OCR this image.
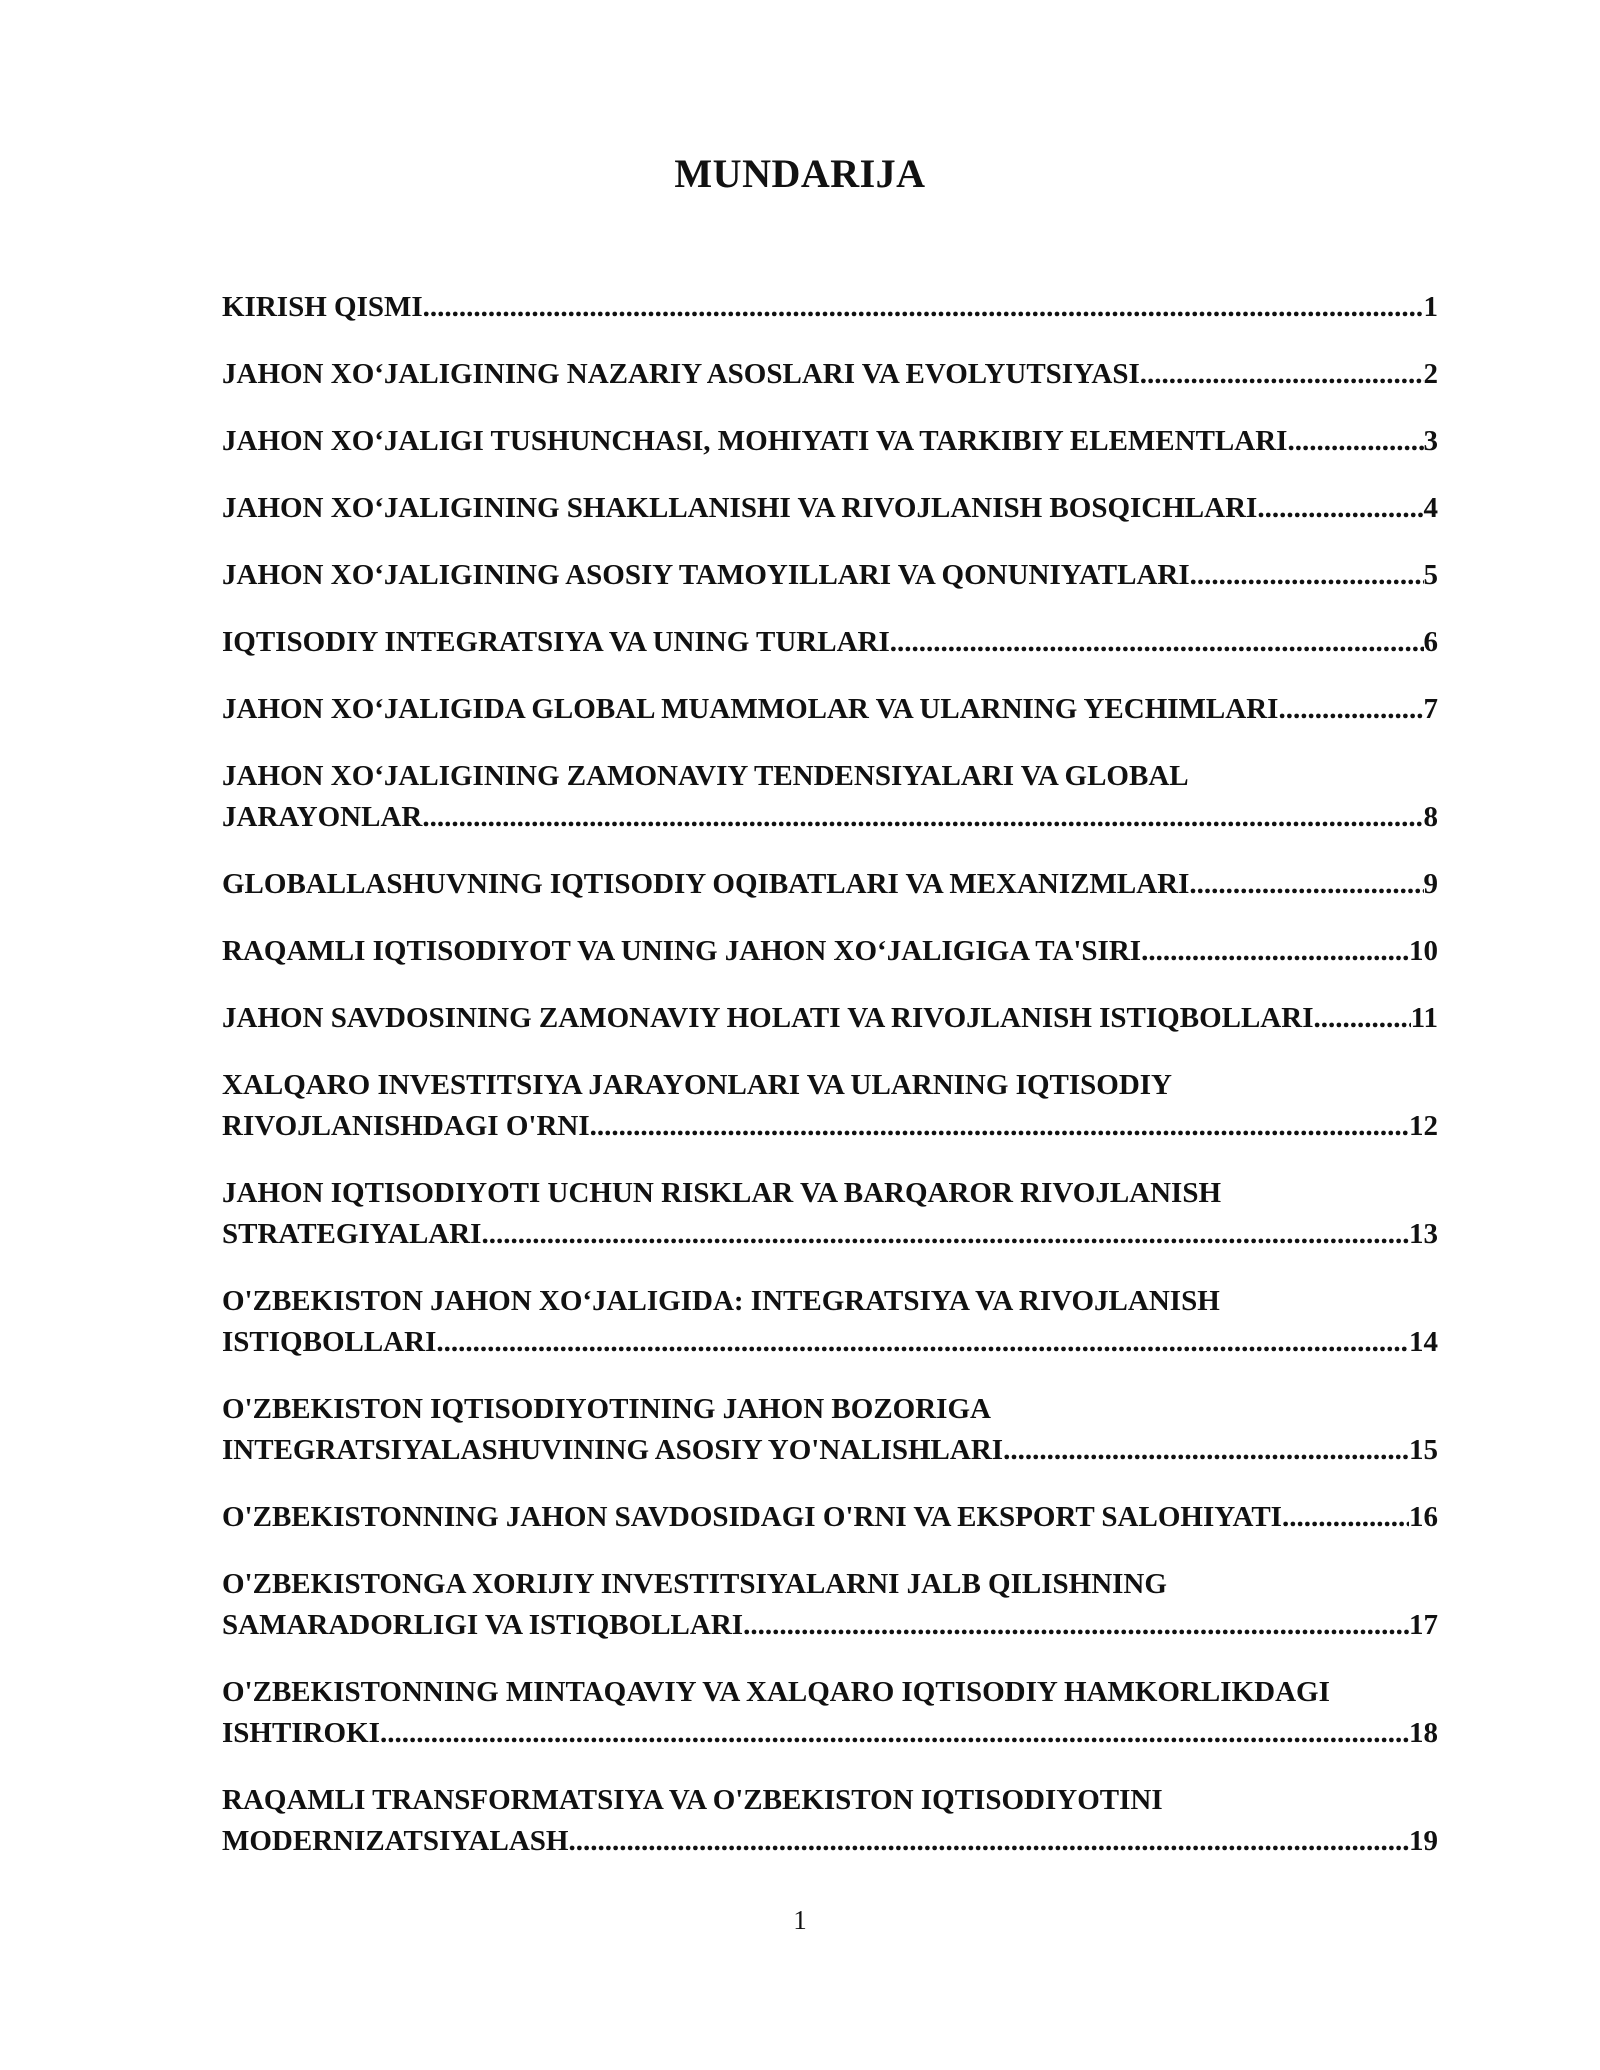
MUNDARIJA
KIRISH QISMI .....	1
JAHON XO‘JALIGINING NAZARIY ASOSLARI VA EVOLYUTSIYASI .....	2
JAHON XO‘JALIGI TUSHUNCHASI, MOHIYATI VA TARKIBIY ELEMENTLARI .....	3
JAHON XO‘JALIGINING SHAKLLANISHI VA RIVOJLANISH BOSQICHLARI .....	4
JAHON XO‘JALIGINING ASOSIY TAMOYILLARI VA QONUNIYATLARI .....	5
IQTISODIY INTEGRATSIYA VA UNING TURLARI .....	6
JAHON XO‘JALIGIDA GLOBAL MUAMMOLAR VA ULARNING YECHIMLARI .....	7
JAHON XO‘JALIGINING ZAMONAVIY TENDENSIYALARI VA GLOBAL
JARAYONLAR .....	8
GLOBALLASHUVNING IQTISODIY OQIBATLARI VA MEXANIZMLARI .....	9
RAQAMLI IQTISODIYOT VA UNING JAHON XO‘JALIGIGA TA'SIRI .....	10
JAHON SAVDOSINING ZAMONAVIY HOLATI VA RIVOJLANISH ISTIQBOLLARI .....	11
XALQARO INVESTITSIYA JARAYONLARI VA ULARNING IQTISODIY
RIVOJLANISHDAGI O'RNI .....	12
JAHON IQTISODIYOTI UCHUN RISKLAR VA BARQAROR RIVOJLANISH
STRATEGIYALARI .....	13
O'ZBEKISTON JAHON XO‘JALIGIDA: INTEGRATSIYA VA RIVOJLANISH
ISTIQBOLLARI .....	14
O'ZBEKISTON IQTISODIYOTINING JAHON BOZORIGA
INTEGRATSIYALASHUVINING ASOSIY YO'NALISHLARI .....	15
O'ZBEKISTONNING JAHON SAVDOSIDAGI O'RNI VA EKSPORT SALOHIYATI .....	16
O'ZBEKISTONGA XORIJIY INVESTITSIYALARNI JALB QILISHNING
SAMARADORLIGI VA ISTIQBOLLARI .....	17
O'ZBEKISTONNING MINTAQAVIY VA XALQARO IQTISODIY HAMKORLIKDAGI
ISHTIROKI .....	18
RAQAMLI TRANSFORMATSIYA VA O'ZBEKISTON IQTISODIYOTINI
MODERNIZATSIYALASH .....	19
1
